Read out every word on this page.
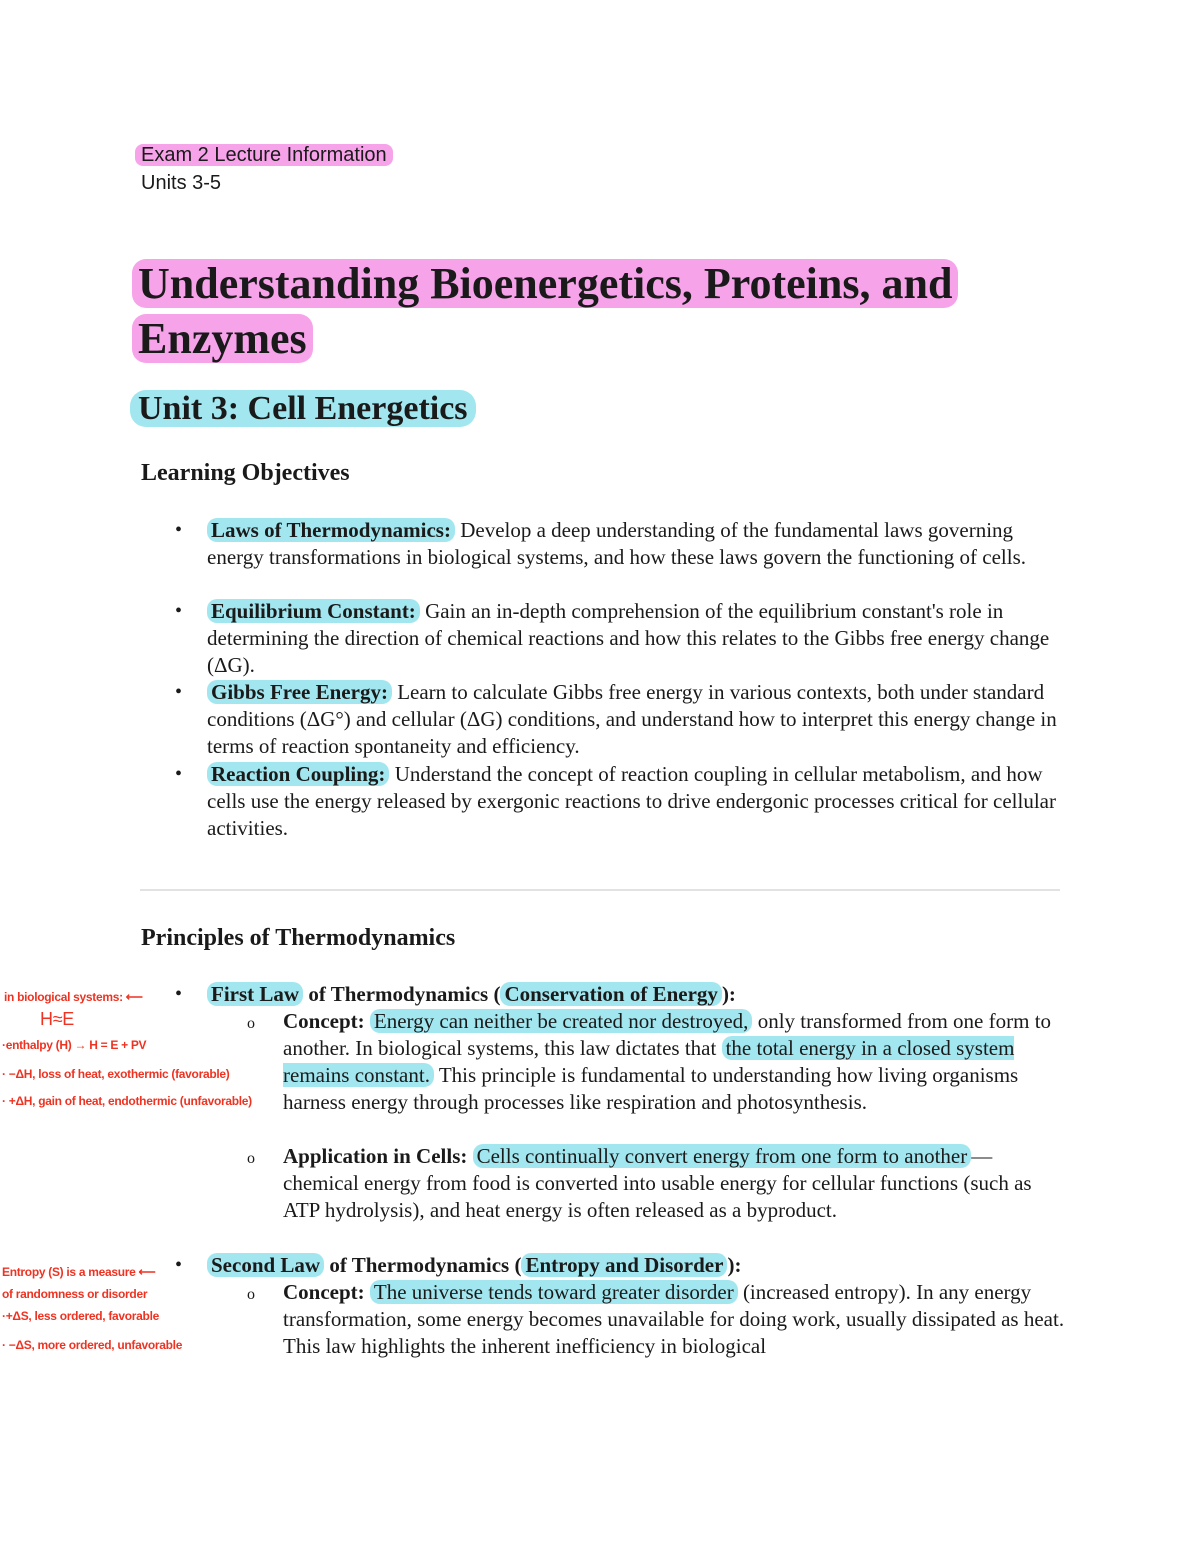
Exam 2 Lecture Information
Units 3-5
Understanding Bioenergetics, Proteins, and
Enzymes
Unit 3: Cell Energetics
Learning Objectives
• Laws of Thermodynamics: Develop a deep understanding of the fundamental laws governing energy transformations in biological systems, and how these laws govern the functioning of cells.
• Equilibrium Constant: Gain an in-depth comprehension of the equilibrium constant's role in determining the direction of chemical reactions and how this relates to the Gibbs free energy change (ΔG).
• Gibbs Free Energy: Learn to calculate Gibbs free energy in various contexts, both under standard conditions (ΔG°) and cellular (ΔG) conditions, and understand how to interpret this energy change in terms of reaction spontaneity and efficiency.
• Reaction Coupling: Understand the concept of reaction coupling in cellular metabolism, and how cells use the energy released by exergonic reactions to drive endergonic processes critical for cellular activities.
Principles of Thermodynamics
• First Law of Thermodynamics ( Conservation of Energy ):
o Concept: Energy can neither be created nor destroyed, only transformed from one form to another. In biological systems, this law dictates that the total energy in a closed system remains constant. This principle is fundamental to understanding how living organisms harness energy through processes like respiration and photosynthesis.
o Application in Cells: Cells continually convert energy from one form to another —chemical energy from food is converted into usable energy for cellular functions (such as ATP hydrolysis), and heat energy is often released as a byproduct.
• Second Law of Thermodynamics ( Entropy and Disorder ):
o Concept: The universe tends toward greater disorder (increased entropy). In any energy transformation, some energy becomes unavailable for doing work, usually dissipated as heat. This law highlights the inherent inefficiency in biological
in biological systems: ⟵
H≈E
·enthalpy (H) → H = E + PV
· −ΔH, loss of heat, exothermic (favorable)
· +ΔH, gain of heat, endothermic (unfavorable)
Entropy (S) is a measure ⟵
of randomness or disorder
·+ΔS, less ordered, favorable
· −ΔS, more ordered, unfavorable
